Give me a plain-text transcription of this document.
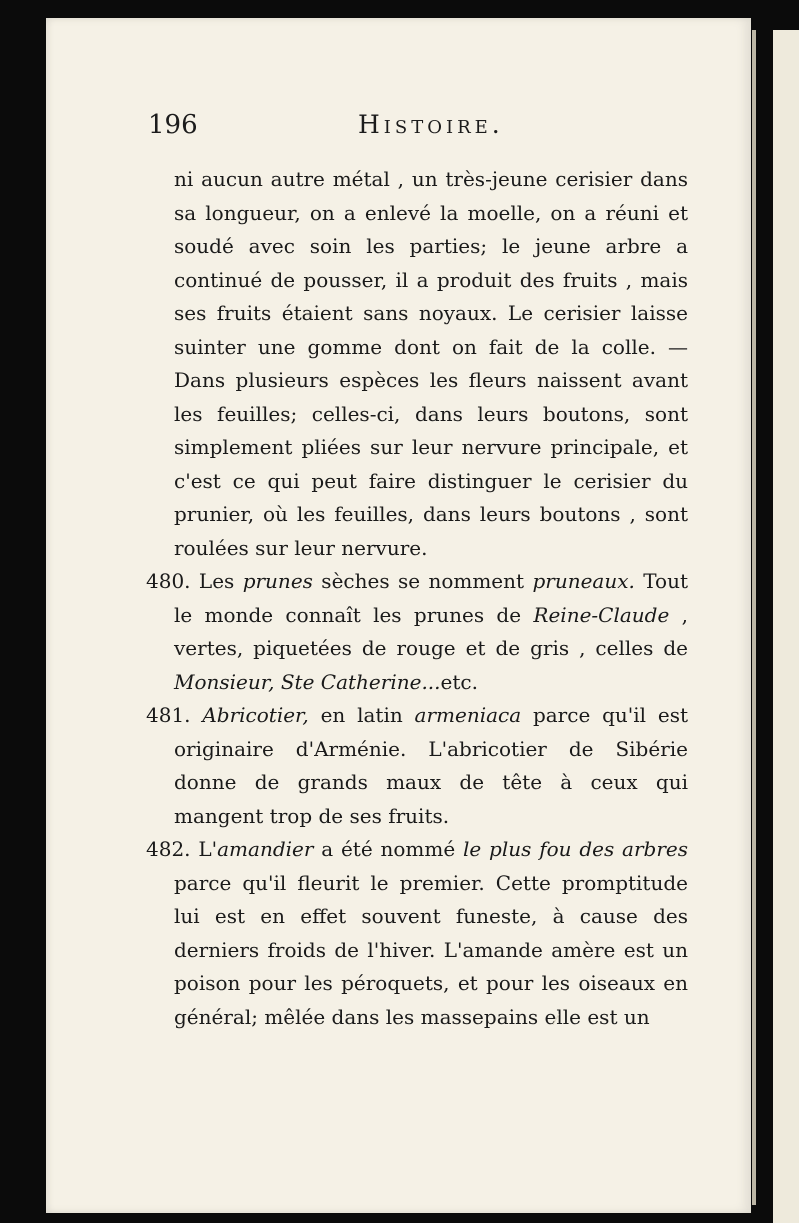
196	Histoire.

ni aucun autre métal , un très-jeune cerisier dans sa longueur, on a enlevé la moelle, on a réuni et soudé avec soin les parties; le jeune arbre a continué de pousser, il a produit des fruits , mais ses fruits étaient sans noyaux. Le cerisier laisse suinter une gomme dont on fait de la colle. — Dans plusieurs espèces les fleurs naissent avant les feuilles; celles-ci, dans leurs boutons, sont simplement pliées sur leur nervure principale, et c'est ce qui peut faire distinguer le cerisier du prunier, où les feuilles, dans leurs boutons , sont roulées sur leur nervure.

480. Les prunes sèches se nomment pruneaux. Tout le monde connaît les prunes de Reine-Claude , vertes, piquetées de rouge et de gris , celles de Monsieur, Ste Catherine...etc.

481. Abricotier, en latin armeniaca parce qu'il est originaire d'Arménie. L'abricotier de Sibérie donne de grands maux de tête à ceux qui mangent trop de ses fruits.

482. L'amandier a été nommé le plus fou des arbres parce qu'il fleurit le premier. Cette promptitude lui est en effet souvent funeste, à cause des derniers froids de l'hiver. L'amande amère est un poison pour les péroquets, et pour les oiseaux en général; mêlée dans les massepains elle est un
